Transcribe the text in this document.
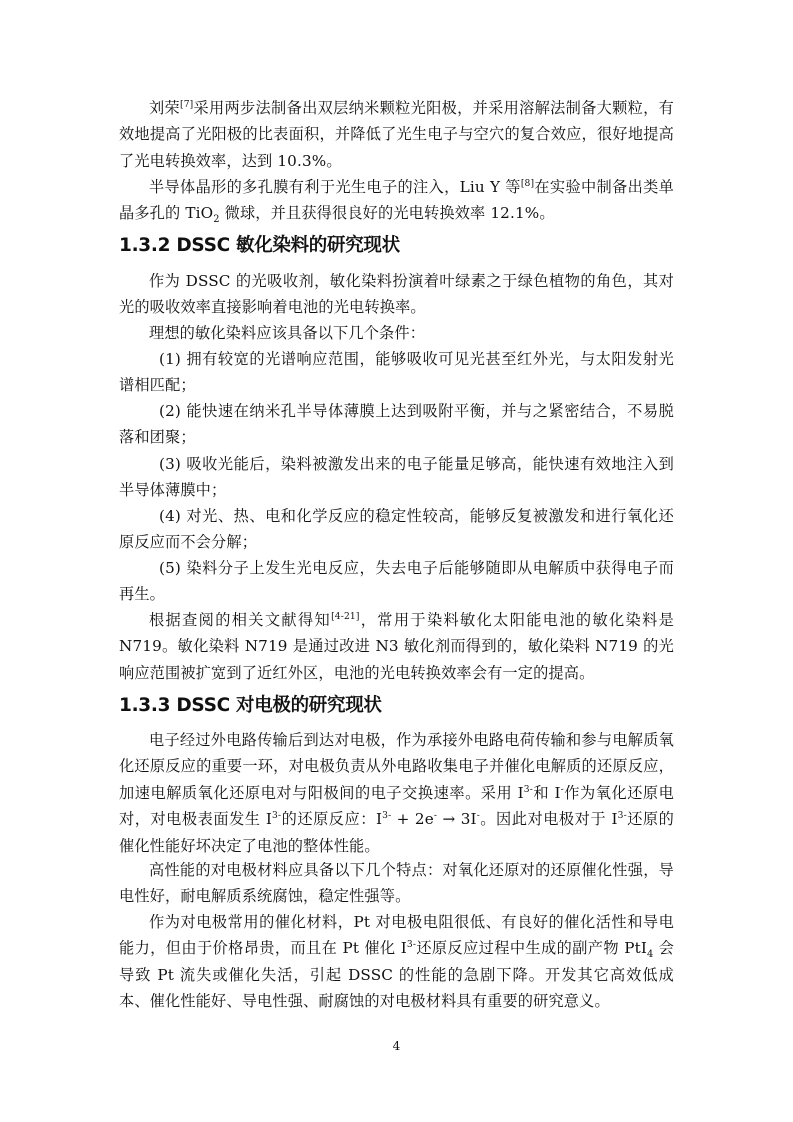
刘荣[7]采用两步法制备出双层纳米颗粒光阳极，并采用溶解法制备大颗粒，有效地提高了光阳极的比表面积，并降低了光生电子与空穴的复合效应，很好地提高了光电转换效率，达到 10.3%。

半导体晶形的多孔膜有利于光生电子的注入，Liu Y 等[8]在实验中制备出类单晶多孔的 TiO$_2$ 微球，并且获得很良好的光电转换效率 12.1%。

1.3.2 DSSC 敏化染料的研究现状

作为 DSSC 的光吸收剂，敏化染料扮演着叶绿素之于绿色植物的角色，其对光的吸收效率直接影响着电池的光电转换率。

理想的敏化染料应该具备以下几个条件：

(1) 拥有较宽的光谱响应范围，能够吸收可见光甚至红外光，与太阳发射光谱相匹配；

(2) 能快速在纳米孔半导体薄膜上达到吸附平衡，并与之紧密结合，不易脱落和团聚；

(3) 吸收光能后，染料被激发出来的电子能量足够高，能快速有效地注入到半导体薄膜中；

(4) 对光、热、电和化学反应的稳定性较高，能够反复被激发和进行氧化还原反应而不会分解；

(5) 染料分子上发生光电反应，失去电子后能够随即从电解质中获得电子而再生。

根据查阅的相关文献得知[4-21]，常用于染料敏化太阳能电池的敏化染料是 N719。敏化染料 N719 是通过改进 N3 敏化剂而得到的，敏化染料 N719 的光响应范围被扩宽到了近红外区，电池的光电转换效率会有一定的提高。

1.3.3 DSSC 对电极的研究现状

电子经过外电路传输后到达对电极，作为承接外电路电荷传输和参与电解质氧化还原反应的重要一环，对电极负责从外电路收集电子并催化电解质的还原反应，加速电解质氧化还原电对与阳极间的电子交换速率。采用 $I^{3-}$和 I-作为氧化还原电对，对电极表面发生 $I^{3-}$的还原反应：$I^{3-} + 2e^- \to 3I^-$。因此对电极对于 $I^{3-}$还原的催化性能好坏决定了电池的整体性能。

高性能的对电极材料应具备以下几个特点：对氧化还原对的还原催化性强，导电性好，耐电解质系统腐蚀，稳定性强等。

作为对电极常用的催化材料，Pt 对电极电阻很低、有良好的催化活性和导电能力，但由于价格昂贵，而且在 Pt 催化 $I^{3-}$还原反应过程中生成的副产物 PtI$_4$ 会导致 Pt 流失或催化失活，引起 DSSC 的性能的急剧下降。开发其它高效低成本、催化性能好、导电性强、耐腐蚀的对电极材料具有重要的研究意义。

4
